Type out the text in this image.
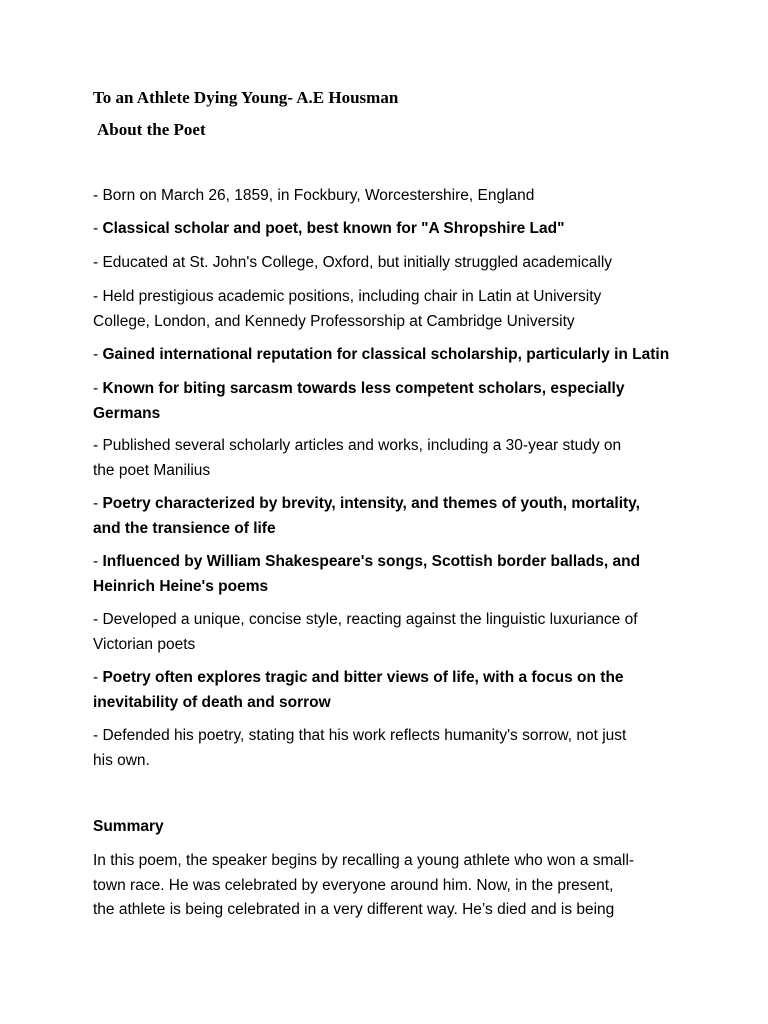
To an Athlete Dying Young- A.E Housman
About the Poet

- Born on March 26, 1859, in Fockbury, Worcestershire, England

- Classical scholar and poet, best known for "A Shropshire Lad"

- Educated at St. John's College, Oxford, but initially struggled academically

- Held prestigious academic positions, including chair in Latin at University
College, London, and Kennedy Professorship at Cambridge University

- Gained international reputation for classical scholarship, particularly in Latin

- Known for biting sarcasm towards less competent scholars, especially
Germans

- Published several scholarly articles and works, including a 30-year study on
the poet Manilius

- Poetry characterized by brevity, intensity, and themes of youth, mortality,
and the transience of life

- Influenced by William Shakespeare's songs, Scottish border ballads, and
Heinrich Heine's poems

- Developed a unique, concise style, reacting against the linguistic luxuriance of
Victorian poets

- Poetry often explores tragic and bitter views of life, with a focus on the
inevitability of death and sorrow

- Defended his poetry, stating that his work reflects humanity's sorrow, not just
his own.

Summary

In this poem, the speaker begins by recalling a young athlete who won a small-
town race. He was celebrated by everyone around him. Now, in the present,
the athlete is being celebrated in a very different way. He’s died and is being
